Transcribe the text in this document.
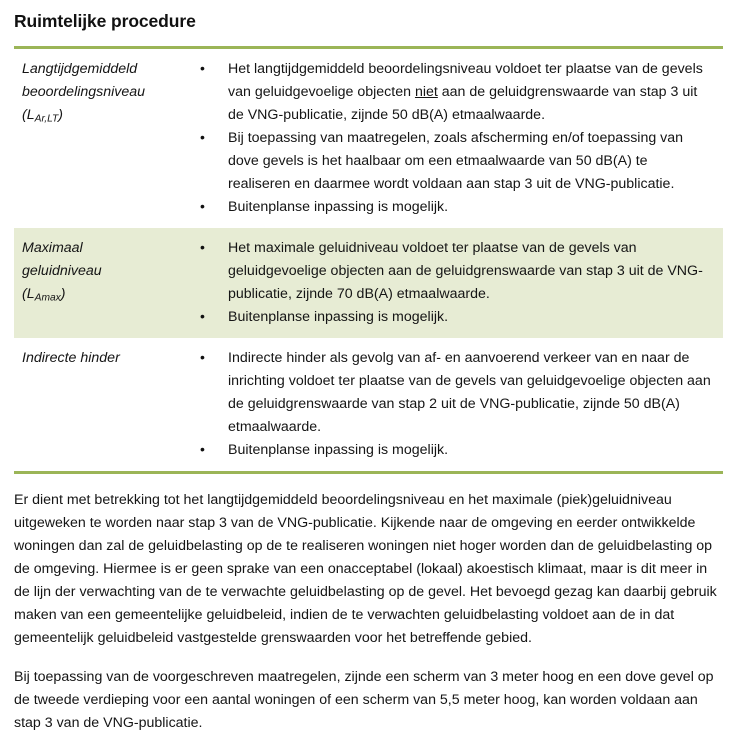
Ruimtelijke procedure
Langtijdgemiddeld
beoordelingsniveau
$(L_{Ar,LT})$
• Het langtijdgemiddeld beoordelingsniveau voldoet ter plaatse van de gevels van geluidgevoelige objecten niet aan de geluidgrenswaarde van stap 3 uit de VNG-publicatie, zijnde 50 dB(A) etmaalwaarde.
• Bij toepassing van maatregelen, zoals afscherming en/of toepassing van dove gevels is het haalbaar om een etmaalwaarde van 50 dB(A) te realiseren en daarmee wordt voldaan aan stap 3 uit de VNG-publicatie.
• Buitenplanse inpassing is mogelijk.
Maximaal
geluidniveau
$(L_{Amax})$
• Het maximale geluidniveau voldoet ter plaatse van de gevels van geluidgevoelige objecten aan de geluidgrenswaarde van stap 3 uit de VNG-publicatie, zijnde 70 dB(A) etmaalwaarde.
• Buitenplanse inpassing is mogelijk.
Indirecte hinder	• Indirecte hinder als gevolg van af- en aanvoerend verkeer van en naar de inrichting voldoet ter plaatse van de gevels van geluidgevoelige objecten aan de geluidgrenswaarde van stap 2 uit de VNG-publicatie, zijnde 50 dB(A) etmaalwaarde.
• Buitenplanse inpassing is mogelijk.

Er dient met betrekking tot het langtijdgemiddeld beoordelingsniveau en het maximale (piek)geluidniveau uitgeweken te worden naar stap 3 van de VNG-publicatie. Kijkende naar de omgeving en eerder ontwikkelde woningen dan zal de geluidbelasting op de te realiseren woningen niet hoger worden dan de geluidbelasting op de omgeving. Hiermee is er geen sprake van een onacceptabel (lokaal) akoestisch klimaat, maar is dit meer in de lijn der verwachting van de te verwachte geluidbelasting op de gevel. Het bevoegd gezag kan daarbij gebruik maken van een gemeentelijke geluidbeleid, indien de te verwachten geluidbelasting voldoet aan de in dat gemeentelijk geluidbeleid vastgestelde grenswaarden voor het betreffende gebied.

Bij toepassing van de voorgeschreven maatregelen, zijnde een scherm van 3 meter hoog en een dove gevel op de tweede verdieping voor een aantal woningen of een scherm van 5,5 meter hoog, kan worden voldaan aan stap 3 van de VNG-publicatie.
